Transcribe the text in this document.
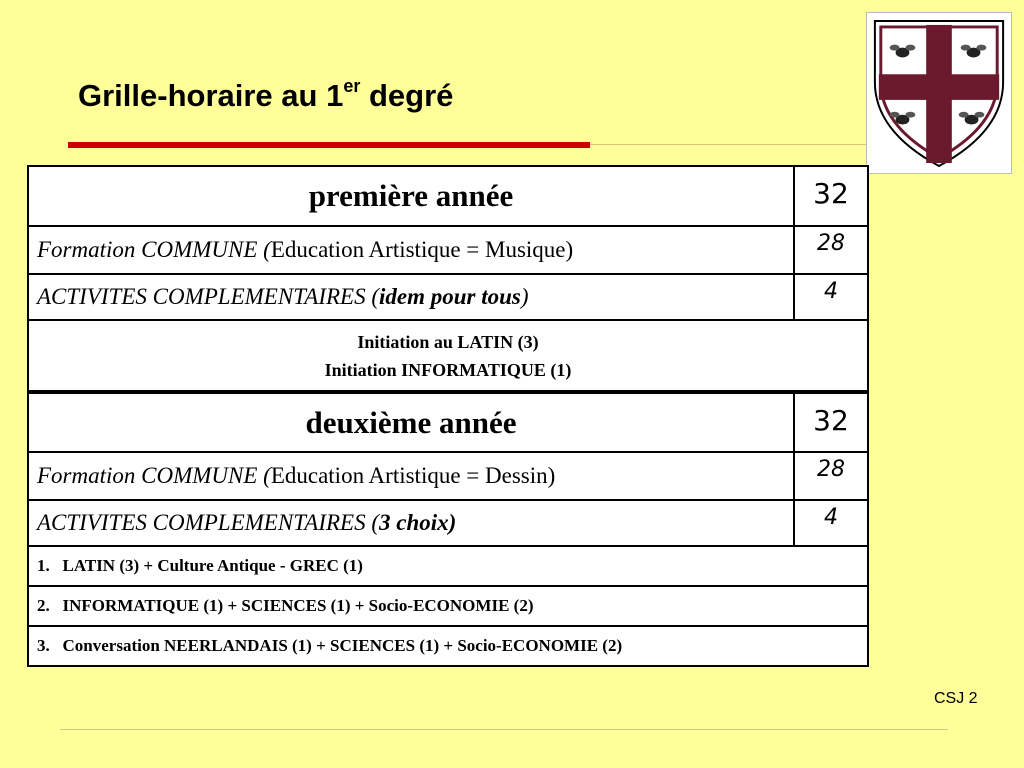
Grille-horaire au 1er degré
première année	32
Formation COMMUNE (Education Artistique = Musique)	28
ACTIVITES COMPLEMENTAIRES (idem pour tous)	4

Initiation au LATIN (3)
Initiation INFORMATIQUE (1)	

deuxième année	32
Formation COMMUNE (Education Artistique = Dessin)	28
ACTIVITES COMPLEMENTAIRES (3 choix)	4
1. LATIN (3) + Culture Antique - GREC (1)	
2. INFORMATIQUE (1) + SCIENCES (1) + Socio-ECONOMIE (2)	
3. Conversation NEERLANDAIS (1) + SCIENCES (1) + Socio-ECONOMIE (2)	
CSJ 2
